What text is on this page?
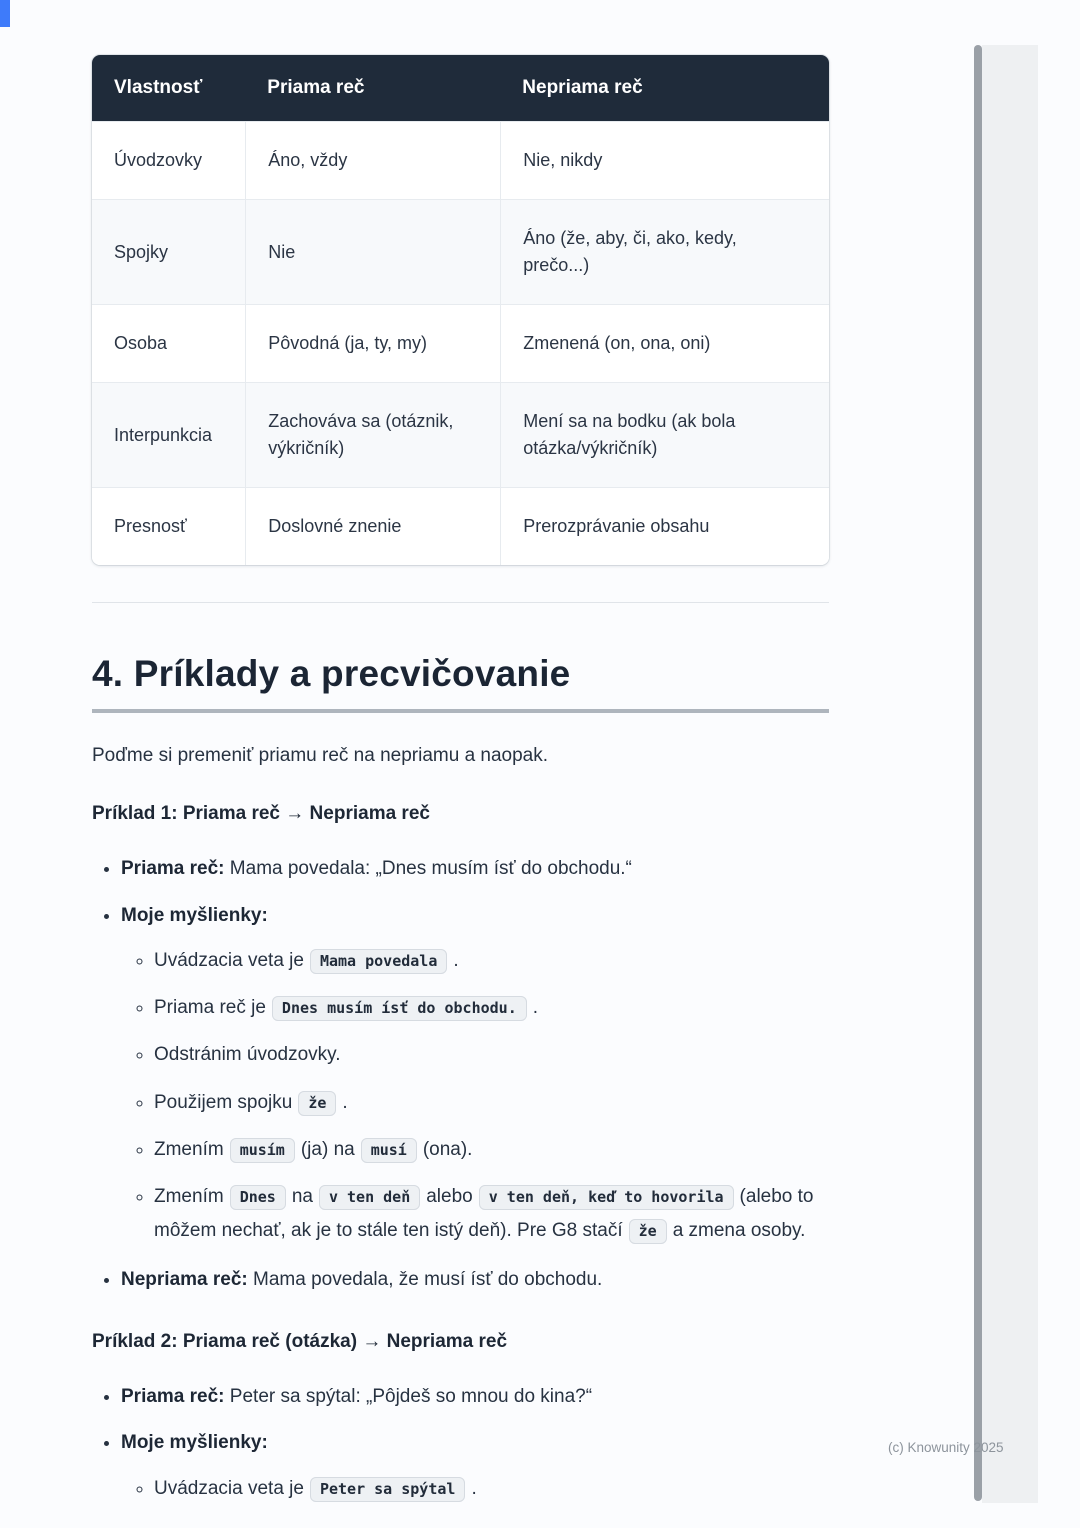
Vlastnosť	Priama reč	Nepriama reč
Úvodzovky	Áno, vždy	Nie, nikdy
Spojky	Nie	Áno (že, aby, či, ako, kedy, prečo...)
Osoba	Pôvodná (ja, ty, my)	Zmenená (on, ona, oni)
Interpunkcia	Zachováva sa (otáznik, výkričník)	Mení sa na bodku (ak bola otázka/výkričník)
Presnosť	Doslovné znenie	Prerozprávanie obsahu
4. Príklady a precvičovanie

Poďme si premeniť priamu reč na nepriamu a naopak.

Príklad 1: Priama reč → Nepriama reč

• Priama reč: Mama povedala: „Dnes musím ísť do obchodu.“
• Moje myšlienky:
◦ Uvádzacia veta je Mama povedala .
◦ Priama reč je Dnes musím ísť do obchodu. .
◦ Odstránim úvodzovky.
◦ Použijem spojku že .
◦ Zmením musím (ja) na musí (ona).
◦ Zmením Dnes na v ten deň alebo v ten deň, keď to hovorila (alebo to môžem nechať, ak je to stále ten istý deň). Pre G8 stačí že a zmena osoby.
• Nepriama reč: Mama povedala, že musí ísť do obchodu.

Príklad 2: Priama reč (otázka) → Nepriama reč

• Priama reč: Peter sa spýtal: „Pôjdeš so mnou do kina?“
• Moje myšlienky:
◦ Uvádzacia veta je Peter sa spýtal .
(c) Knowunity 2025
